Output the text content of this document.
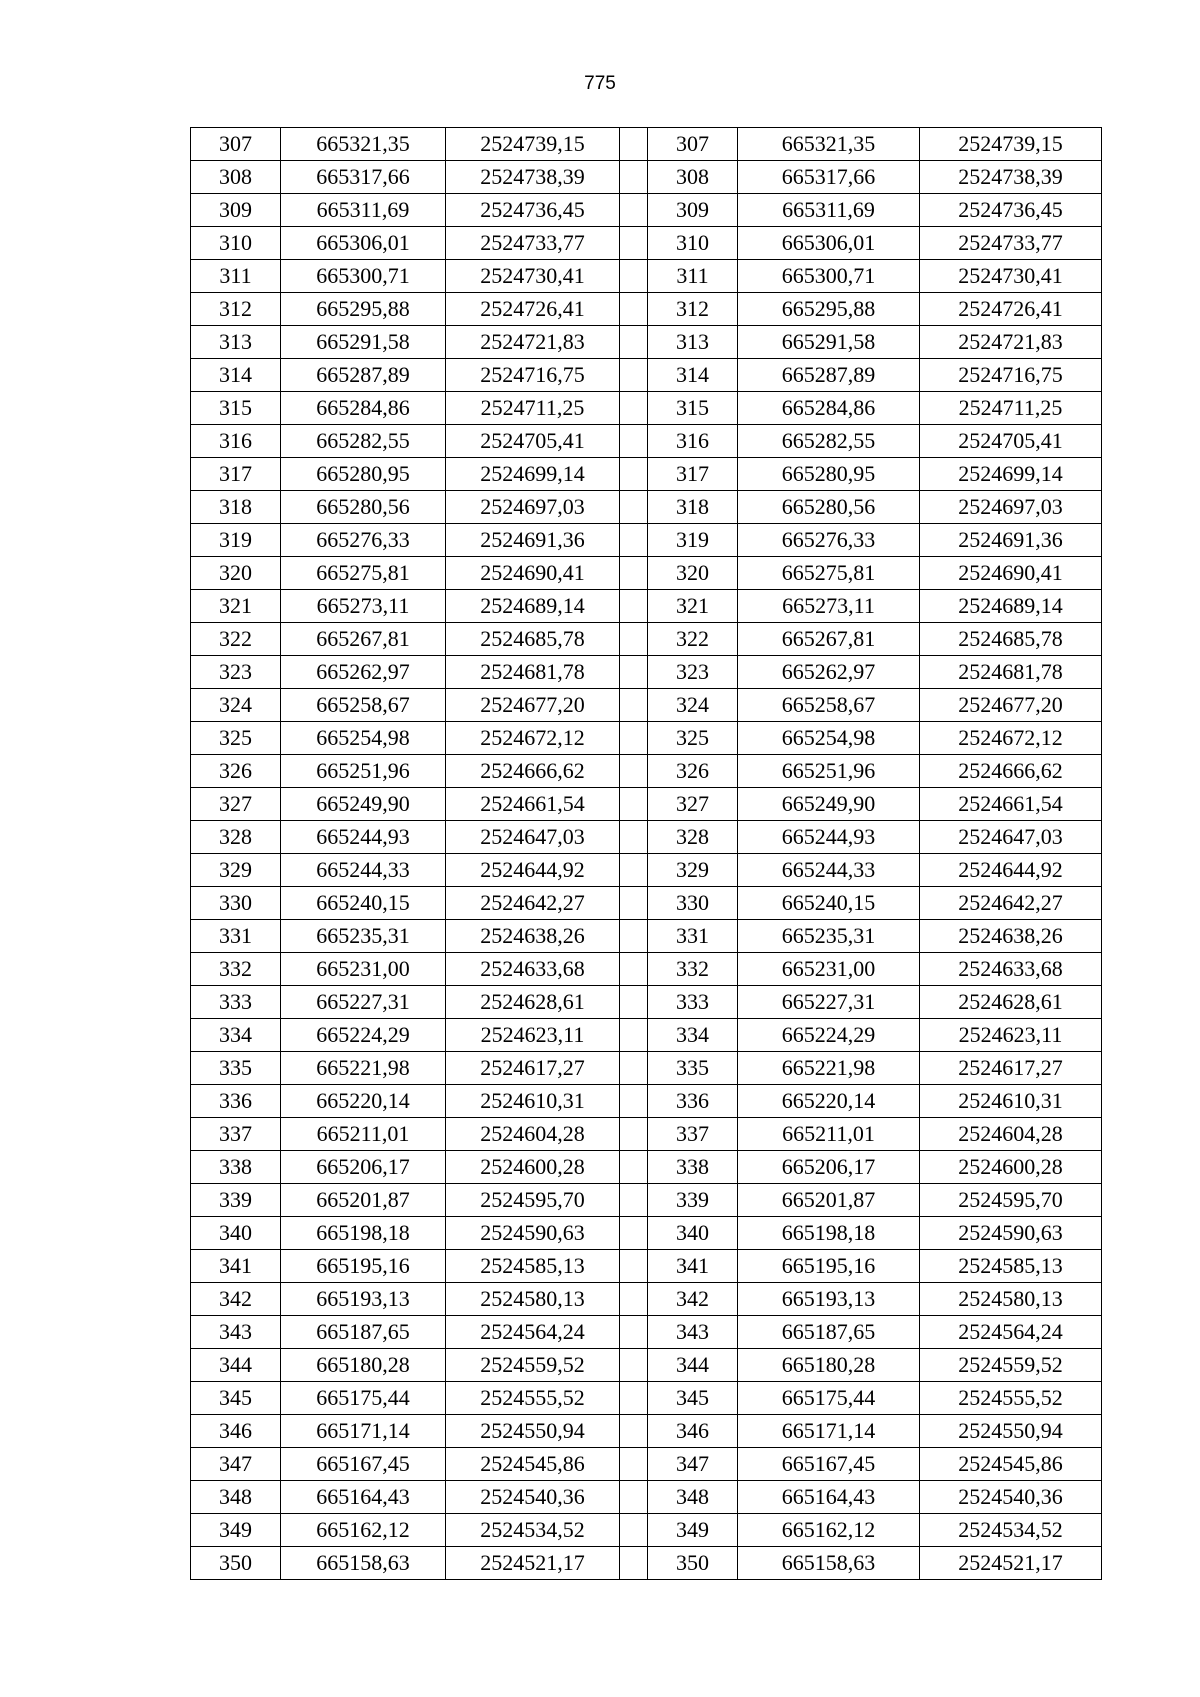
775
307	665321,35	2524739,15		307	665321,35	2524739,15
308	665317,66	2524738,39		308	665317,66	2524738,39
309	665311,69	2524736,45		309	665311,69	2524736,45
310	665306,01	2524733,77		310	665306,01	2524733,77
311	665300,71	2524730,41		311	665300,71	2524730,41
312	665295,88	2524726,41		312	665295,88	2524726,41
313	665291,58	2524721,83		313	665291,58	2524721,83
314	665287,89	2524716,75		314	665287,89	2524716,75
315	665284,86	2524711,25		315	665284,86	2524711,25
316	665282,55	2524705,41		316	665282,55	2524705,41
317	665280,95	2524699,14		317	665280,95	2524699,14
318	665280,56	2524697,03		318	665280,56	2524697,03
319	665276,33	2524691,36		319	665276,33	2524691,36
320	665275,81	2524690,41		320	665275,81	2524690,41
321	665273,11	2524689,14		321	665273,11	2524689,14
322	665267,81	2524685,78		322	665267,81	2524685,78
323	665262,97	2524681,78		323	665262,97	2524681,78
324	665258,67	2524677,20		324	665258,67	2524677,20
325	665254,98	2524672,12		325	665254,98	2524672,12
326	665251,96	2524666,62		326	665251,96	2524666,62
327	665249,90	2524661,54		327	665249,90	2524661,54
328	665244,93	2524647,03		328	665244,93	2524647,03
329	665244,33	2524644,92		329	665244,33	2524644,92
330	665240,15	2524642,27		330	665240,15	2524642,27
331	665235,31	2524638,26		331	665235,31	2524638,26
332	665231,00	2524633,68		332	665231,00	2524633,68
333	665227,31	2524628,61		333	665227,31	2524628,61
334	665224,29	2524623,11		334	665224,29	2524623,11
335	665221,98	2524617,27		335	665221,98	2524617,27
336	665220,14	2524610,31		336	665220,14	2524610,31
337	665211,01	2524604,28		337	665211,01	2524604,28
338	665206,17	2524600,28		338	665206,17	2524600,28
339	665201,87	2524595,70		339	665201,87	2524595,70
340	665198,18	2524590,63		340	665198,18	2524590,63
341	665195,16	2524585,13		341	665195,16	2524585,13
342	665193,13	2524580,13		342	665193,13	2524580,13
343	665187,65	2524564,24		343	665187,65	2524564,24
344	665180,28	2524559,52		344	665180,28	2524559,52
345	665175,44	2524555,52		345	665175,44	2524555,52
346	665171,14	2524550,94		346	665171,14	2524550,94
347	665167,45	2524545,86		347	665167,45	2524545,86
348	665164,43	2524540,36		348	665164,43	2524540,36
349	665162,12	2524534,52		349	665162,12	2524534,52
350	665158,63	2524521,17		350	665158,63	2524521,17
